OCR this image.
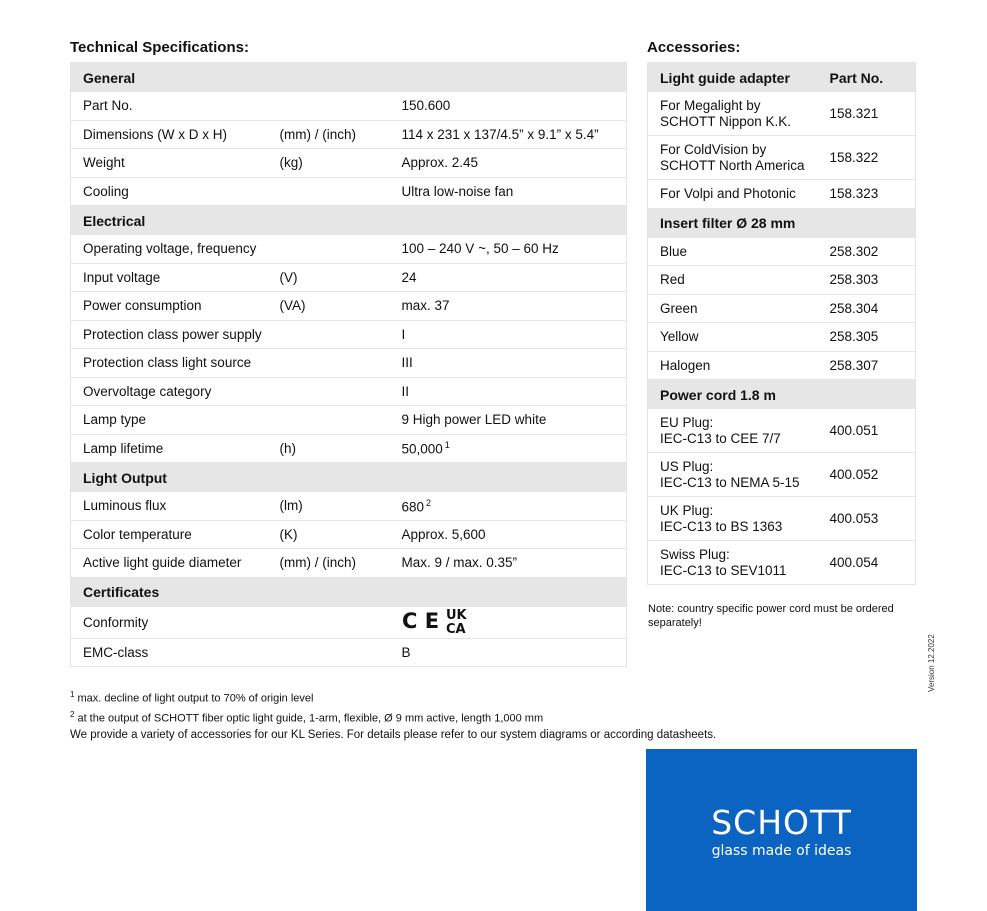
Technical Specifications:
General		
Part No.		150.600
Dimensions (W x D x H)	(mm) / (inch)	114 x 231 x 137/4.5” x 9.1” x 5.4”
Weight	(kg)	Approx. 2.45
Cooling		Ultra low-noise fan
Electrical		
Operating voltage, frequency		100 – 240 V ~, 50 – 60 Hz
Input voltage	(V)	24
Power consumption	(VA)	max. 37
Protection class power supply		I
Protection class light source		III
Overvoltage category		II
Lamp type		9 High power LED white
Lamp lifetime	(h)	50,000 $^1$
Light Output		
Luminous flux	(lm)	680 $^2$
Color temperature	(K)	Approx. 5,600
Active light guide diameter	(mm) / (inch)	Max. 9 / max. 0.35”
Certificates		
Conformity		C E UK
CA

EMC-class		B
Accessories:
Light guide adapter	Part No.

For Megalight by
SCHOTT Nippon K.K.	158.321

For ColdVision by
SCHOTT North America	158.322

For Volpi and Photonic	158.323
Insert filter Ø 28 mm	
Blue	258.302
Red	258.303
Green	258.304
Yellow	258.305
Halogen	258.307
Power cord 1.8 m	

EU Plug:
IEC-C13 to CEE 7/7	400.051

US Plug:
IEC-C13 to NEMA 5-15	400.052

UK Plug:
IEC-C13 to BS 1363	400.053

Swiss Plug:
IEC-C13 to SEV1011	400.054
Note: country specific power cord must be ordered separately!
Version 12.2022
$^1$ max. decline of light output to 70% of origin level
$^2$ at the output of SCHOTT fiber optic light guide, 1-arm, flexible, Ø 9 mm active, length 1,000 mm
We provide a variety of accessories for our KL Series. For details please refer to our system diagrams or according datasheets.
SCHOTT
glass made of ideas
